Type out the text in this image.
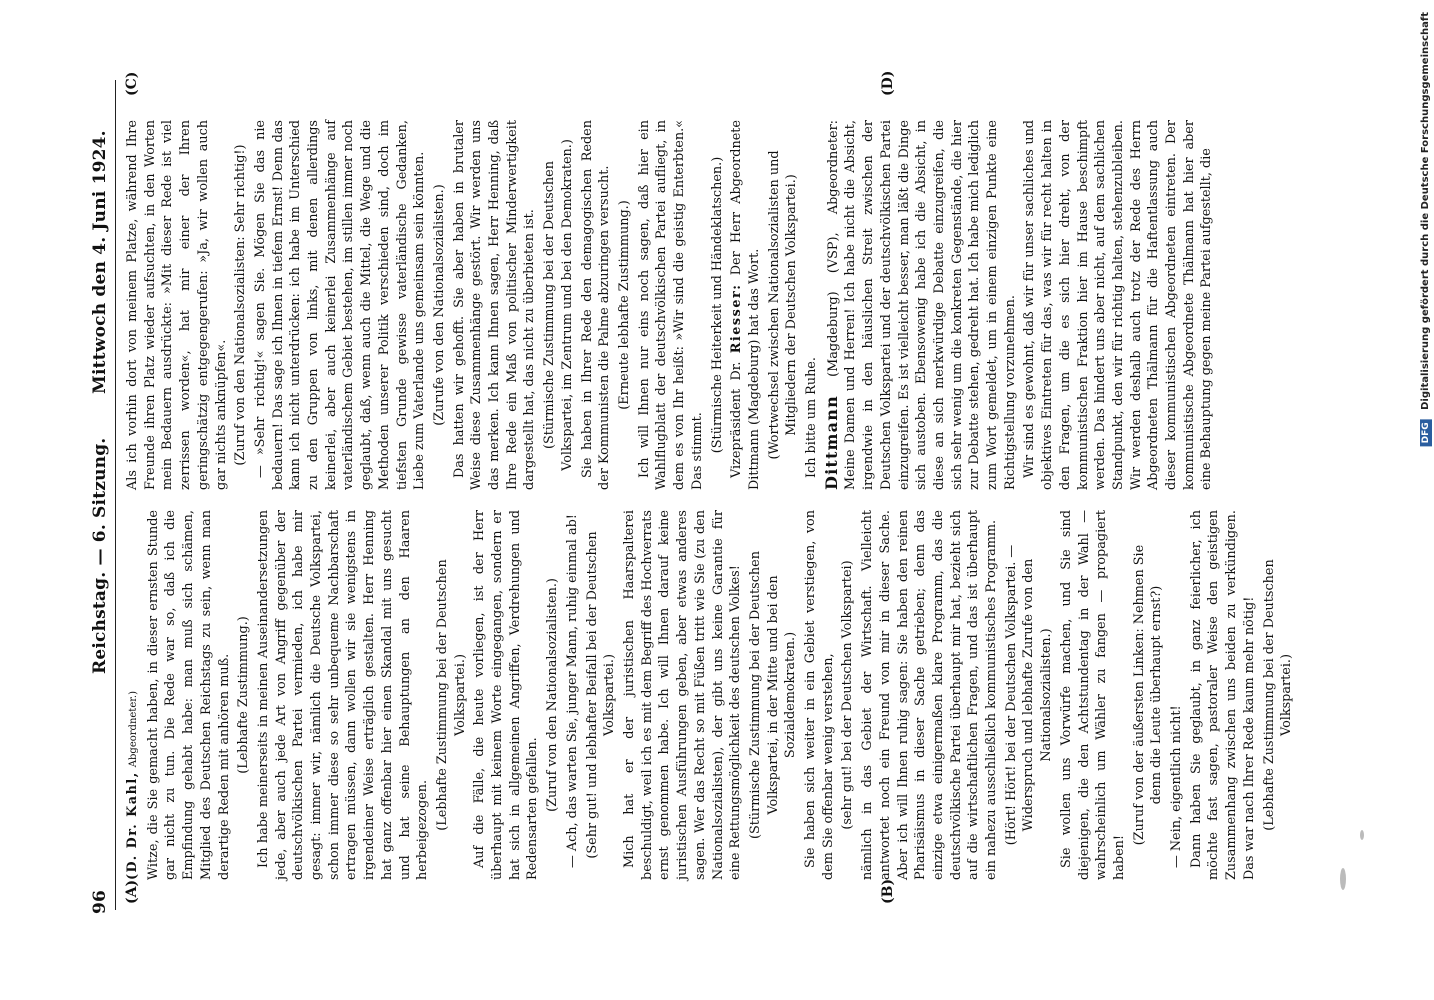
96
Reichstag. — 6. Sitzung.
Mittwoch den 4. Juni 1924.
(A)	(B)
(C)	(D)

(D. Dr. Kahl, Abgeordneter.) Witze, die Sie gemacht haben, in dieser ernsten Stunde gar nicht zu tun. Die Rede war so, daß ich die Empfindung gehabt habe: man muß sich schämen, Mitglied des Deutschen Reichstags zu sein, wenn man derartige Reden mit anhören muß. (Lebhafte Zustimmung.) Ich habe meinerseits in meinen Auseinandersetzungen jede, aber auch jede Art von Angriff gegenüber der deutschvölkischen Partei vermieden, ich habe mir gesagt: immer wir, nämlich die Deutsche Volkspartei, schon immer diese so sehr unbequeme Nachbarschaft ertragen müssen, dann wollen wir sie wenigstens in irgendeiner Weise erträglich gestalten. Herr Henning hat ganz offenbar hier einen Skandal mit uns gesucht und hat seine Behauptungen an den Haaren herbeigezogen. (Lebhafte Zustimmung bei der Deutschen Volkspartei.) Auf die Fälle, die heute vorliegen, ist der Herr überhaupt mit keinem Worte eingegangen, sondern er hat sich in allgemeinen Angriffen, Verdrehungen und Redensarten gefallen. (Zuruf von den Nationalsozialisten.) — Ach, das warten Sie, junger Mann, ruhig einmal ab! (Sehr gut! und lebhafter Beifall bei der Deutschen Volkspartei.) Mich hat er der juristischen Haarspalterei beschuldigt, weil ich es mit dem Begriff des Hochverrats ernst genommen habe. Ich will Ihnen darauf keine juristischen Ausführungen geben, aber etwas anderes sagen. Wer das Recht so mit Füßen tritt wie Sie (zu den Nationalsozialisten), der gibt uns keine Garantie für eine Rettungsmöglichkeit des deutschen Volkes! (Stürmische Zustimmung bei der Deutschen Volkspartei, in der Mitte und bei den Sozialdemokraten.) Sie haben sich weiter in ein Gebiet verstiegen, von dem Sie offenbar wenig verstehen, (sehr gut! bei der Deutschen Volkspartei) nämlich in das Gebiet der Wirtschaft. Vielleicht antwortet noch ein Freund von mir in dieser Sache. Aber ich will Ihnen ruhig sagen: Sie haben den reinen Pharisäismus in dieser Sache getrieben; denn das einzige etwa einigermaßen klare Programm, das die deutschvölkische Partei überhaupt mir hat, bezieht sich auf die wirtschaftlichen Fragen, und das ist überhaupt ein nahezu ausschließlich kommunistisches Programm. (Hört! Hört! bei der Deutschen Volkspartei. — Widerspruch und lebhafte Zurufe von den Nationalsozialisten.) Sie wollen uns Vorwürfe machen, und Sie sind diejenigen, die den Achtstundentag in der Wahl — wahrscheinlich um Wähler zu fangen — propagiert haben!

(Zuruf von der äußersten Linken: Nehmen Sie denn die Leute überhaupt ernst?) — Nein, eigentlich nicht! Dann haben Sie geglaubt, in ganz feierlicher, ich möchte fast sagen, pastoraler Weise den geistigen Zusammenhang zwischen uns beiden zu verkündigen. Das war nach Ihrer Rede kaum mehr nötig! (Lebhafte Zustimmung bei der Deutschen Volkspartei.)

Als ich vorhin dort von meinem Platze, während Ihre Freunde ihren Platz wieder aufsuchten, in den Worten mein Bedauern ausdrückte: »Mit dieser Rede ist viel zerrissen worden«, hat mir einer der Ihren geringschätzig entgegengerufen: »Ja, wir wollen auch gar nichts anknüpfen«. (Zuruf von den Nationalsozialisten: Sehr richtig!) — »Sehr richtig!« sagen Sie. Mögen Sie das nie bedauern! Das sage ich Ihnen in tiefem Ernst! Denn das kann ich nicht unterdrücken: ich habe im Unterschied zu den Gruppen von links, mit denen allerdings keinerlei, aber auch keinerlei Zusammenhänge auf vaterländischem Gebiet bestehen, im stillen immer noch geglaubt, daß, wenn auch die Mittel, die Wege und die Methoden unserer Politik verschieden sind, doch im tiefsten Grunde gewisse vaterländische Gedanken, Liebe zum Vaterlande uns gemeinsam sein könnten. (Zurufe von den Nationalsozialisten.) Das hatten wir gehofft. Sie aber haben in brutaler Weise diese Zusammenhänge gestört. Wir werden uns das merken. Ich kann Ihnen sagen, Herr Henning, daß Ihre Rede ein Maß von politischer Minderwertigkeit dargestellt hat, das nicht zu überbieten ist. (Stürmische Zustimmung bei der Deutschen Volkspartei, im Zentrum und bei den Demokraten.) Sie haben in Ihrer Rede den demagogischen Reden der Kommunisten die Palme abzuringen versucht. (Erneute lebhafte Zustimmung.) Ich will Ihnen nur eins noch sagen, daß hier ein Wahlflugblatt der deutschvölkischen Partei aufliegt, in dem es von Ihr heißt: »Wir sind die geistig Enterbten.« Das stimmt. (Stürmische Heiterkeit und Händeklatschen.) Vizepräsident Dr. Riesser: Der Herr Abgeordnete Dittmann (Magdeburg) hat das Wort. (Wortwechsel zwischen Nationalsozialisten und Mitgliedern der Deutschen Volkspartei.) Ich bitte um Ruhe. Dittmann (Magdeburg) (VSP), Abgeordneter: Meine Damen und Herren! Ich habe nicht die Absicht, irgendwie in den häuslichen Streit zwischen der Deutschen Volkspartei und der deutschvölkischen Partei einzugreifen. Es ist vielleicht besser, man läßt die Dinge sich austoben. Ebensowenig habe ich die Absicht, in diese an sich merkwürdige Debatte einzugreifen, die sich sehr wenig um die konkreten Gegenstände, die hier zur Debatte stehen, gedreht hat. Ich habe mich lediglich zum Wort gemeldet, um in einem einzigen Punkte eine Richtigstellung vorzunehmen. Wir sind es gewohnt, daß wir für unser sachliches und objektives Eintreten für das, was wir für recht halten in den Fragen, um die es sich hier dreht, von der kommunistischen Fraktion hier im Hause beschimpft werden. Das hindert uns aber nicht, auf dem sachlichen Standpunkt, den wir für richtig halten, stehenzubleiben. Wir werden deshalb auch trotz der Rede des Herrn Abgeordneten Thälmann für die Haftentlassung auch dieser kommunistischen Abgeordneten eintreten. Der kommunistische Abgeordnete Thälmann hat hier aber eine Behauptung gegen meine Partei aufgestellt, die	DFG Digitalisierung gefördert durch die Deutsche Forschungsgemeinschaft
